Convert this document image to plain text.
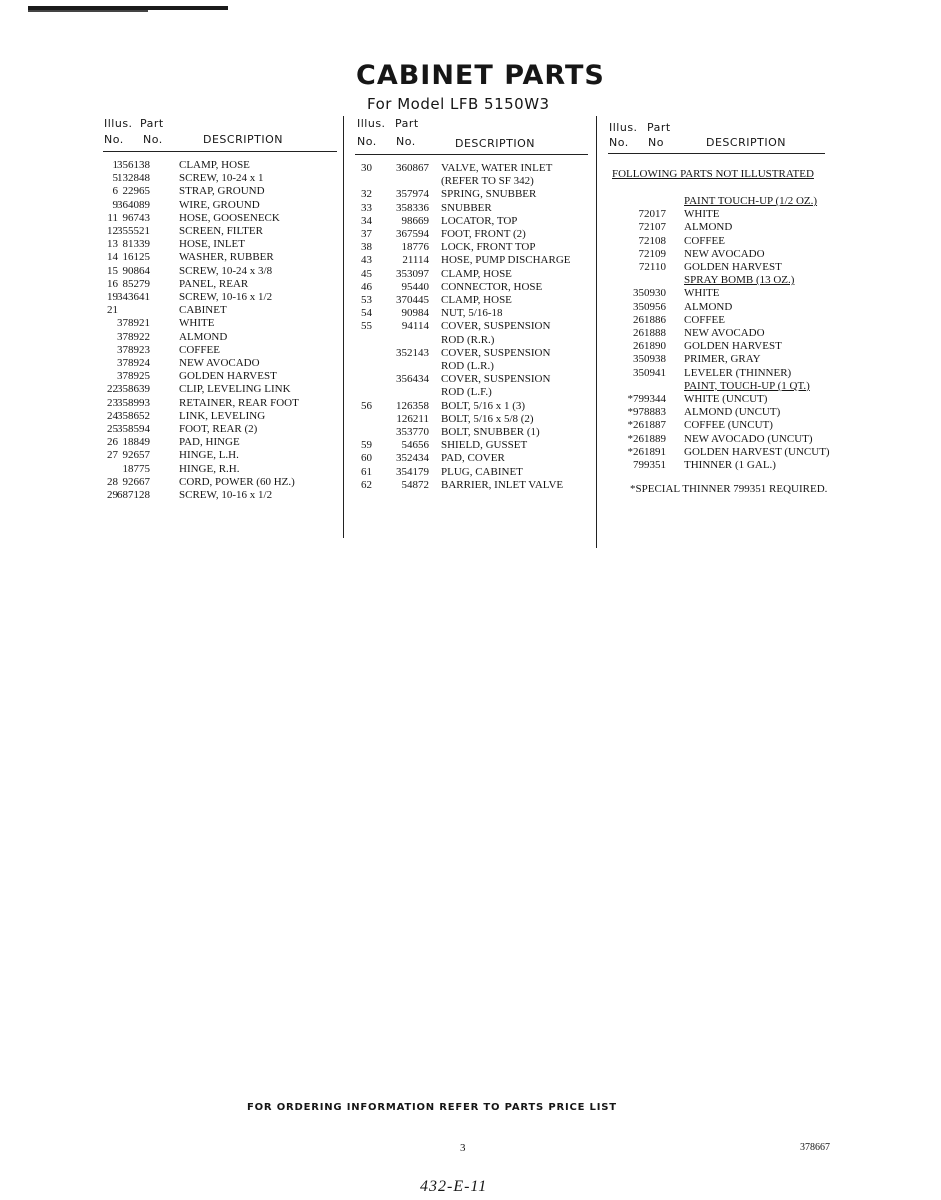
CABINET PARTS
For Model LFB 5150W3
Illus. Part
No. No.	DESCRIPTION
Illus. Part
No. No.	DESCRIPTION
Illus. Part
No. No	DESCRIPTION
FOLLOWING PARTS NOT ILLUSTRATED
1 356138	CLAMP, HOSE
5 132848	SCREW, 10-24 x 1
6 22965	STRAP, GROUND
9 364089	WIRE, GROUND
11 96743	HOSE, GOOSENECK
12 355521	SCREEN, FILTER
13 81339	HOSE, INLET
14 16125	WASHER, RUBBER
15 90864	SCREW, 10-24 x 3/8
16 85279	PANEL, REAR
19 343641	SCREW, 10-16 x 1/2
21	CABINET
378921	WHITE
378922	ALMOND
378923	COFFEE
378924	NEW AVOCADO
378925	GOLDEN HARVEST
22 358639	CLIP, LEVELING LINK
23 358993	RETAINER, REAR FOOT
24 358652	LINK, LEVELING
25 358594	FOOT, REAR (2)
26 18849	PAD, HINGE
27 92657	HINGE, L.H.
18775	HINGE, R.H.
28 92667	CORD, POWER (60 HZ.)
29 687128	SCREW, 10-16 x 1/2
30	360867 VALVE, WATER INLET
(REFER TO SF 342)
32	357974 SPRING, SNUBBER
33	358336 SNUBBER
34	98669 LOCATOR, TOP
37	367594 FOOT, FRONT (2)
38	18776 LOCK, FRONT TOP
43	21114 HOSE, PUMP DISCHARGE
45	353097 CLAMP, HOSE
46	95440 CONNECTOR, HOSE
53	370445 CLAMP, HOSE
54	90984 NUT, 5/16-18
55	94114 COVER, SUSPENSION
ROD (R.R.)
352143 COVER, SUSPENSION
ROD (L.R.)
356434 COVER, SUSPENSION
ROD (L.F.)
56	126358 BOLT, 5/16 x 1 (3)
126211 BOLT, 5/16 x 5/8 (2)
353770 BOLT, SNUBBER (1)
59	54656 SHIELD, GUSSET
60	352434 PAD, COVER
61	354179 PLUG, CABINET
62	54872 BARRIER, INLET VALVE
PAINT TOUCH-UP (1/2 OZ.)
72017 WHITE
72107 ALMOND
72108 COFFEE
72109 NEW AVOCADO
72110 GOLDEN HARVEST
SPRAY BOMB (13 OZ.)
350930 WHITE
350956 ALMOND
261886 COFFEE
261888 NEW AVOCADO
261890 GOLDEN HARVEST
350938 PRIMER, GRAY
350941 LEVELER (THINNER)
PAINT, TOUCH-UP (1 QT.)
*799344 WHITE (UNCUT)
*978883 ALMOND (UNCUT)
*261887 COFFEE (UNCUT)
*261889 NEW AVOCADO (UNCUT)
*261891 GOLDEN HARVEST (UNCUT)
799351 THINNER (1 GAL.)
*SPECIAL THINNER 799351 REQUIRED.
FOR ORDERING INFORMATION REFER TO PARTS PRICE LIST
3	378667
432-E-11
